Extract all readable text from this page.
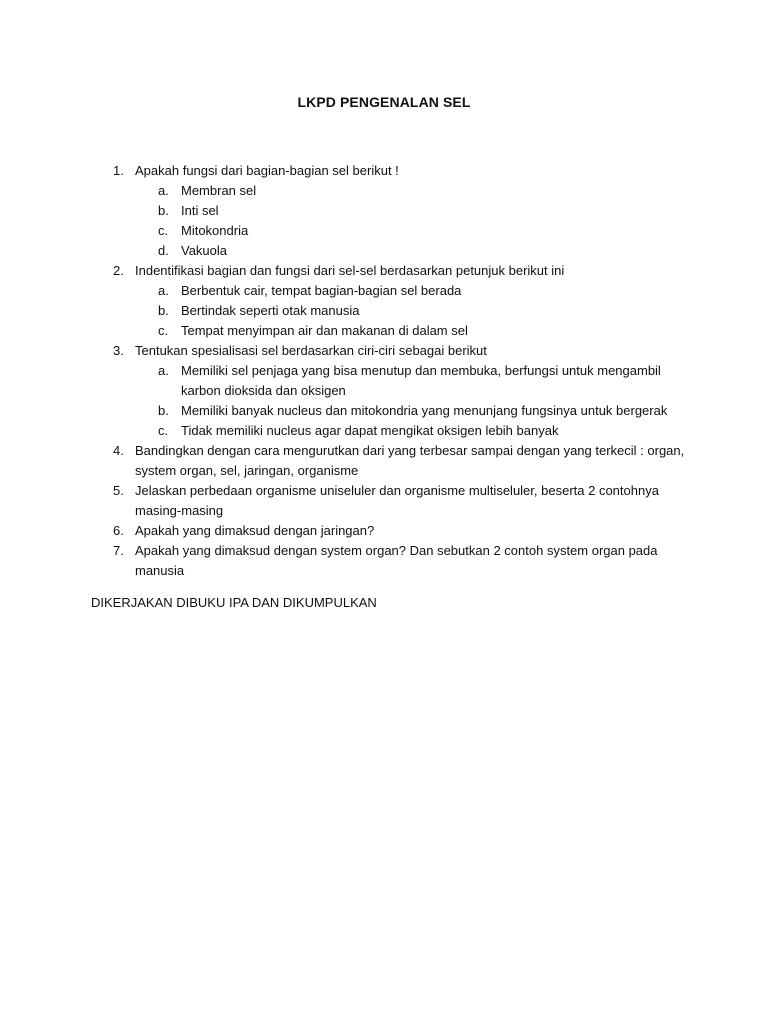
LKPD PENGENALAN SEL
1. Apakah fungsi dari bagian-bagian sel berikut !
a. Membran sel
b. Inti sel
c. Mitokondria
d. Vakuola
2. Indentifikasi bagian dan fungsi dari sel-sel berdasarkan petunjuk berikut ini
a. Berbentuk cair, tempat bagian-bagian sel berada
b. Bertindak seperti otak manusia
c. Tempat menyimpan air dan makanan di dalam sel
3. Tentukan spesialisasi sel berdasarkan ciri-ciri sebagai berikut
a. Memiliki sel penjaga yang bisa menutup dan membuka, berfungsi untuk mengambil
karbon dioksida dan oksigen
b. Memiliki banyak nucleus dan mitokondria yang menunjang fungsinya untuk bergerak
c. Tidak memiliki nucleus agar dapat mengikat oksigen lebih banyak
4. Bandingkan dengan cara mengurutkan dari yang terbesar sampai dengan yang terkecil : organ,
system organ, sel, jaringan, organisme
5. Jelaskan perbedaan organisme uniseluler dan organisme multiseluler, beserta 2 contohnya
masing-masing
6. Apakah yang dimaksud dengan jaringan?
7. Apakah yang dimaksud dengan system organ? Dan sebutkan 2 contoh system organ pada
manusia
DIKERJAKAN DIBUKU IPA DAN DIKUMPULKAN
